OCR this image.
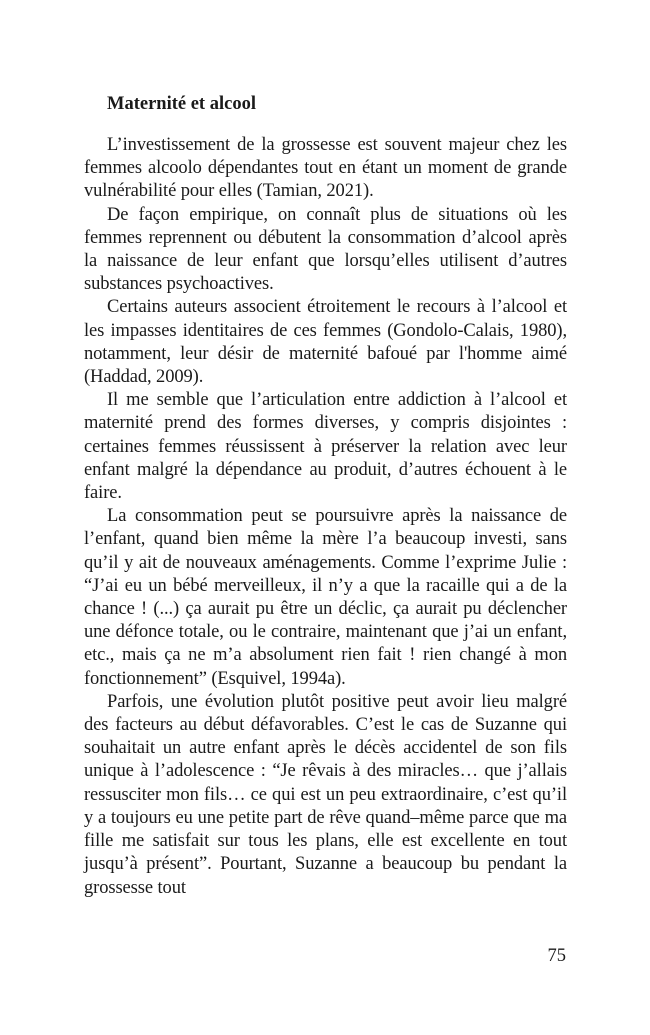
Maternité et alcool

L’investissement de la grossesse est souvent majeur chez les femmes alcoolo dépendantes tout en étant un moment de grande vulnérabilité pour elles (Tamian, 2021).

De façon empirique, on connaît plus de situations où les femmes reprennent ou débutent la consommation d’alcool après la naissance de leur enfant que lorsqu’elles utilisent d’autres substances psychoactives.

Certains auteurs associent étroitement le recours à l’alcool et les impasses identitaires de ces femmes (Gondolo-Calais, 1980), notamment, leur désir de maternité bafoué par l'homme aimé (Haddad, 2009).

Il me semble que l’articulation entre addiction à l’alcool et maternité prend des formes diverses, y compris disjointes : certaines femmes réussissent à préserver la relation avec leur enfant malgré la dépendance au produit, d’autres échouent à le faire.

La consommation peut se poursuivre après la naissance de l’enfant, quand bien même la mère l’a beaucoup investi, sans qu’il y ait de nouveaux aménagements. Comme l’exprime Julie : “J’ai eu un bébé merveilleux, il n’y a que la racaille qui a de la chance ! (...) ça aurait pu être un déclic, ça aurait pu déclencher une défonce totale, ou le contraire, maintenant que j’ai un enfant, etc., mais ça ne m’a absolument rien fait ! rien changé à mon fonctionnement” (Esquivel, 1994a).

Parfois, une évolution plutôt positive peut avoir lieu malgré des facteurs au début défavorables. C’est le cas de Suzanne qui souhaitait un autre enfant après le décès accidentel de son fils unique à l’adolescence : “Je rêvais à des miracles… que j’allais ressusciter mon fils… ce qui est un peu extraordinaire, c’est qu’il y a toujours eu une petite part de rêve quand–même parce que ma fille me satisfait sur tous les plans, elle est excellente en tout jusqu’à présent”. Pourtant, Suzanne a beaucoup bu pendant la grossesse tout

75
